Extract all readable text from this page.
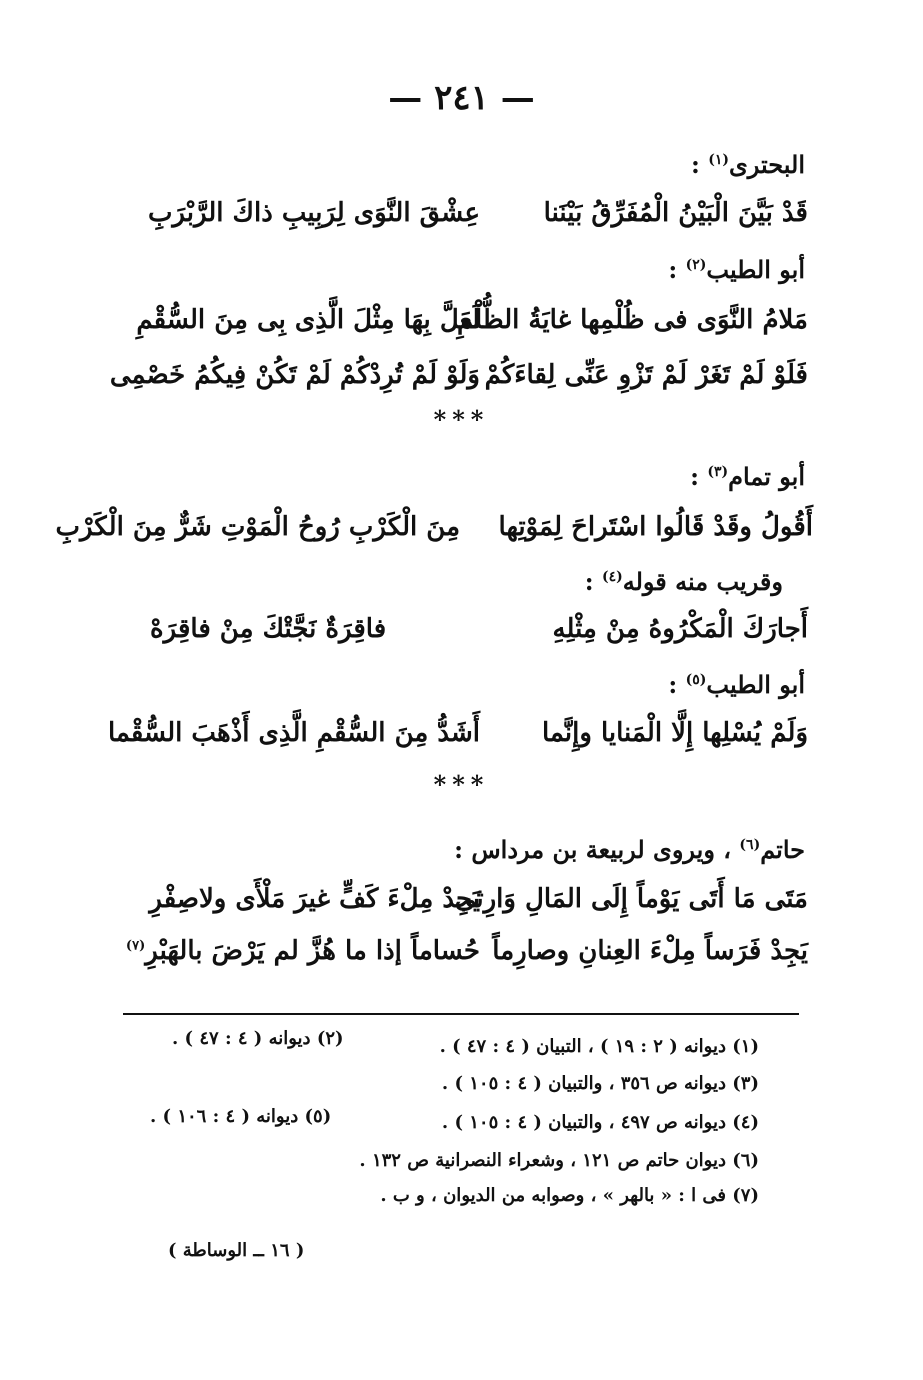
— ٢٤١ —
البحترى$^{(١)}$ :
قَدْ بَيَّنَ الْبَيْنُ الْمُفَرِّقُ بَيْنَنا
عِشْقَ النَّوَى لِرَبِيبِ ذاكَ الرَّبْرَبِ
أبو الطيب$^{(٢)}$ :
مَلامُ النَّوَى فى ظُلْمِها غايَةُ الظُّلْمِ
لَعَلَّ بِهَا مِثْلَ الَّذِى بِى مِنَ السُّقْمِ
فَلَوْ لَمْ تَغَرْ لَمْ تَزْوِ عَنِّى لِقاءَكُمْ
وَلَوْ لَمْ تُرِدْكُمْ لَمْ تَكُنْ فِيكُمُ خَصْمِى
***
أبو تمام$^{(٣)}$ :
أَقُولُ وقَدْ قَالُوا اسْتَراحَ لِمَوْتِها
مِنَ الْكَرْبِ رُوحُ الْمَوْتِ شَرٌّ مِنَ الْكَرْبِ
وقريب منه قوله$^{(٤)}$ :
أَجارَكَ الْمَكْرُوهُ مِنْ مِثْلِهِ
فاقِرَةٌ نَجَّتْكَ مِنْ فاقِرَهْ
أبو الطيب$^{(٥)}$ :
وَلَمْ يُسْلِها إِلَّا الْمَنايا وإِنَّما
أَشَدُّ مِنَ السُّقْمِ الَّذِى أَذْهَبَ السُّقْما
***
حاتم$^{(٦)}$ ، ويروى لربيعة بن مرداس :
مَتَى مَا أَتَى يَوْماً إِلَى المَالِ وَارِثى
يَجِدْ مِلْءَ كَفٍّ غيرَ مَلْأَى ولاصِفْرِ
يَجِدْ فَرَساً مِلْءَ العِنانِ وصارِماً
حُساماً إذا ما هُزَّ لم يَرْضَ بالهَبْرِ$^{(٧)}$
(١) ديوانه ( ٢ : ١٩ ) ، التبيان ( ٤ : ٤٧ ) .
(٢) ديوانه ( ٤ : ٤٧ ) .
(٣) ديوانه ص ٣٥٦ ، والتبيان ( ٤ : ١٠٥ ) .
(٤) ديوانه ص ٤٩٧ ، والتبيان ( ٤ : ١٠٥ ) .
(٥) ديوانه ( ٤ : ١٠٦ ) .
(٦) ديوان حاتم ص ١٢١ ، وشعراء النصرانية ص ١٣٢ .
(٧) فى ا : « بالهر » ، وصوابه من الديوان ، و ب .
( ١٦ ــ الوساطة )
